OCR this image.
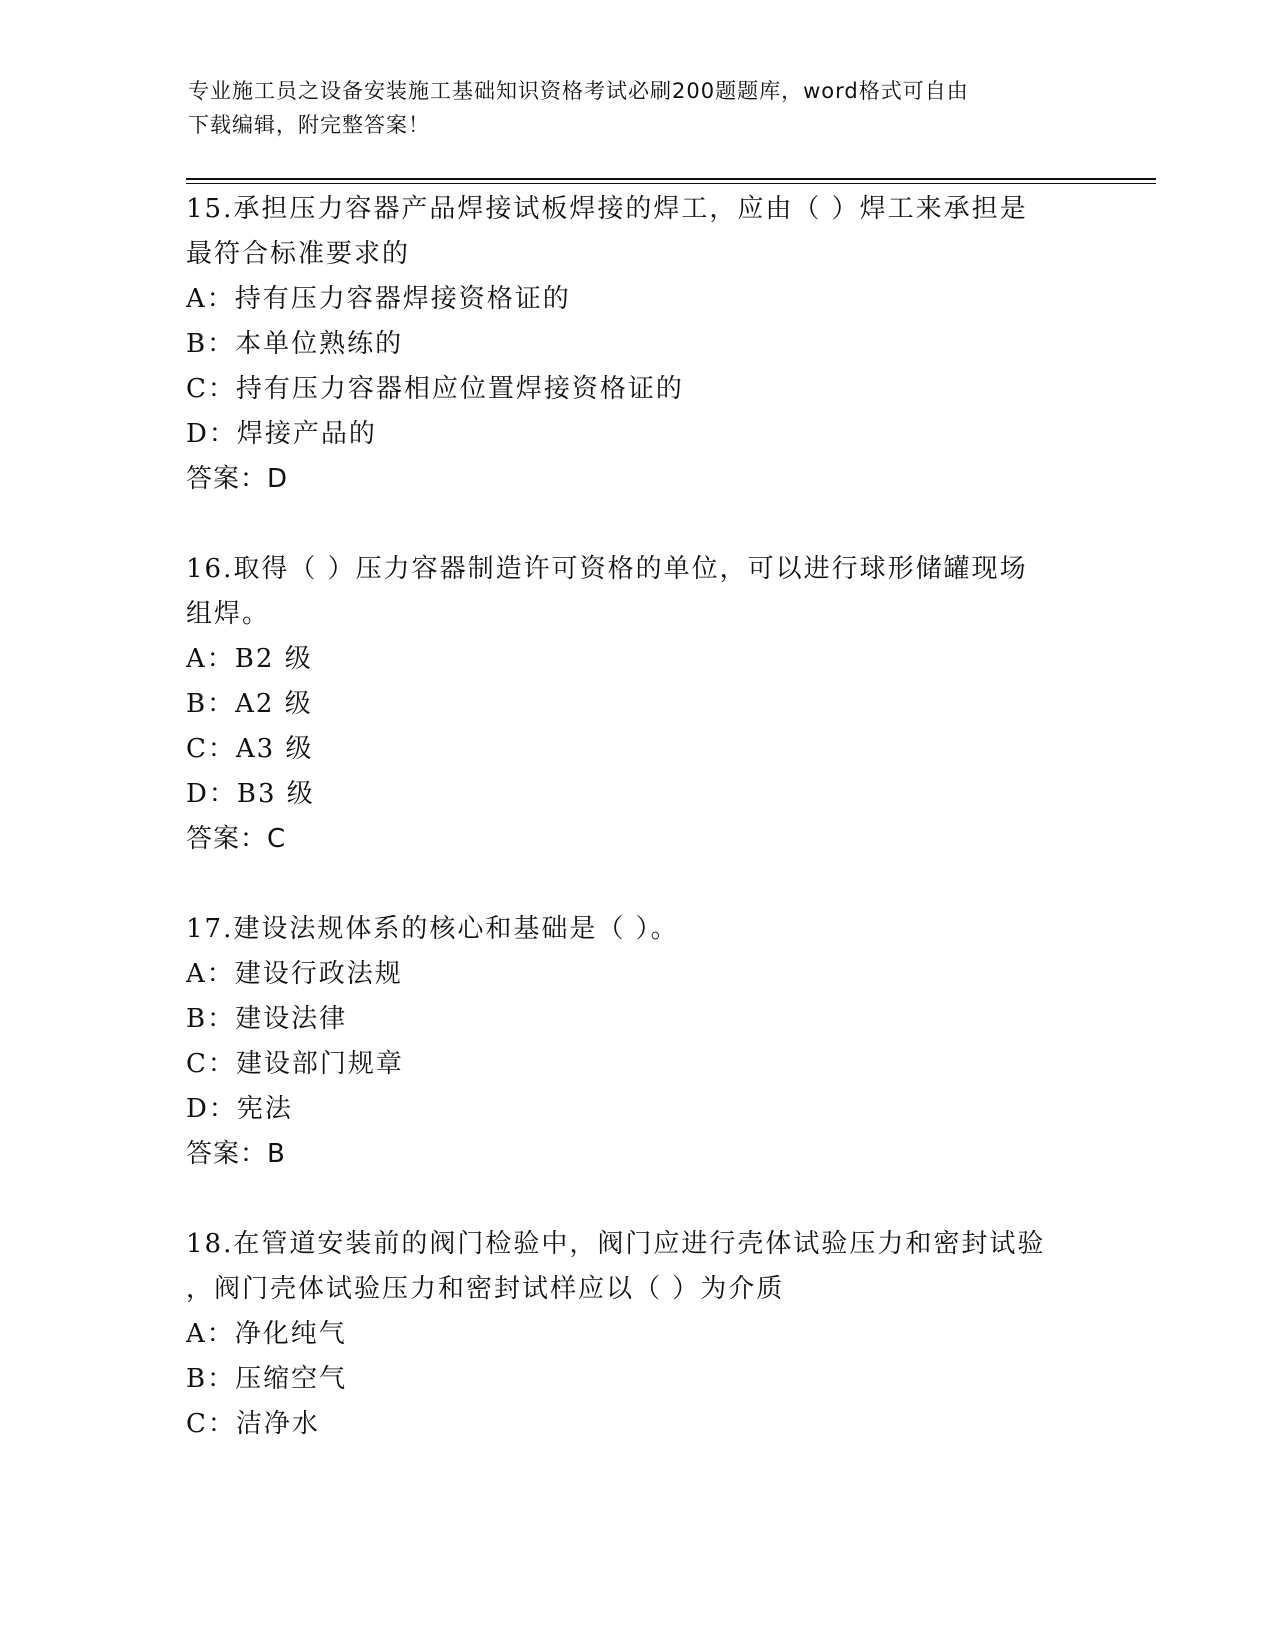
专业施工员之设备安装施工基础知识资格考试必刷200题题库，word格式可自由
下载编辑，附完整答案！
15.承担压力容器产品焊接试板焊接的焊工，应由（ ）焊工来承担是
最符合标准要求的
A：持有压力容器焊接资格证的
B：本单位熟练的
C：持有压力容器相应位置焊接资格证的
D：焊接产品的
答案：D
16.取得（ ）压力容器制造许可资格的单位，可以进行球形储罐现场
组焊。
A：B2 级
B：A2 级
C：A3 级
D：B3 级
答案：C
17.建设法规体系的核心和基础是（ ）。
A：建设行政法规
B：建设法律
C：建设部门规章
D：宪法
答案：B
18.在管道安装前的阀门检验中，阀门应进行壳体试验压力和密封试验
，阀门壳体试验压力和密封试样应以（ ）为介质
A：净化纯气
B：压缩空气
C：洁净水
